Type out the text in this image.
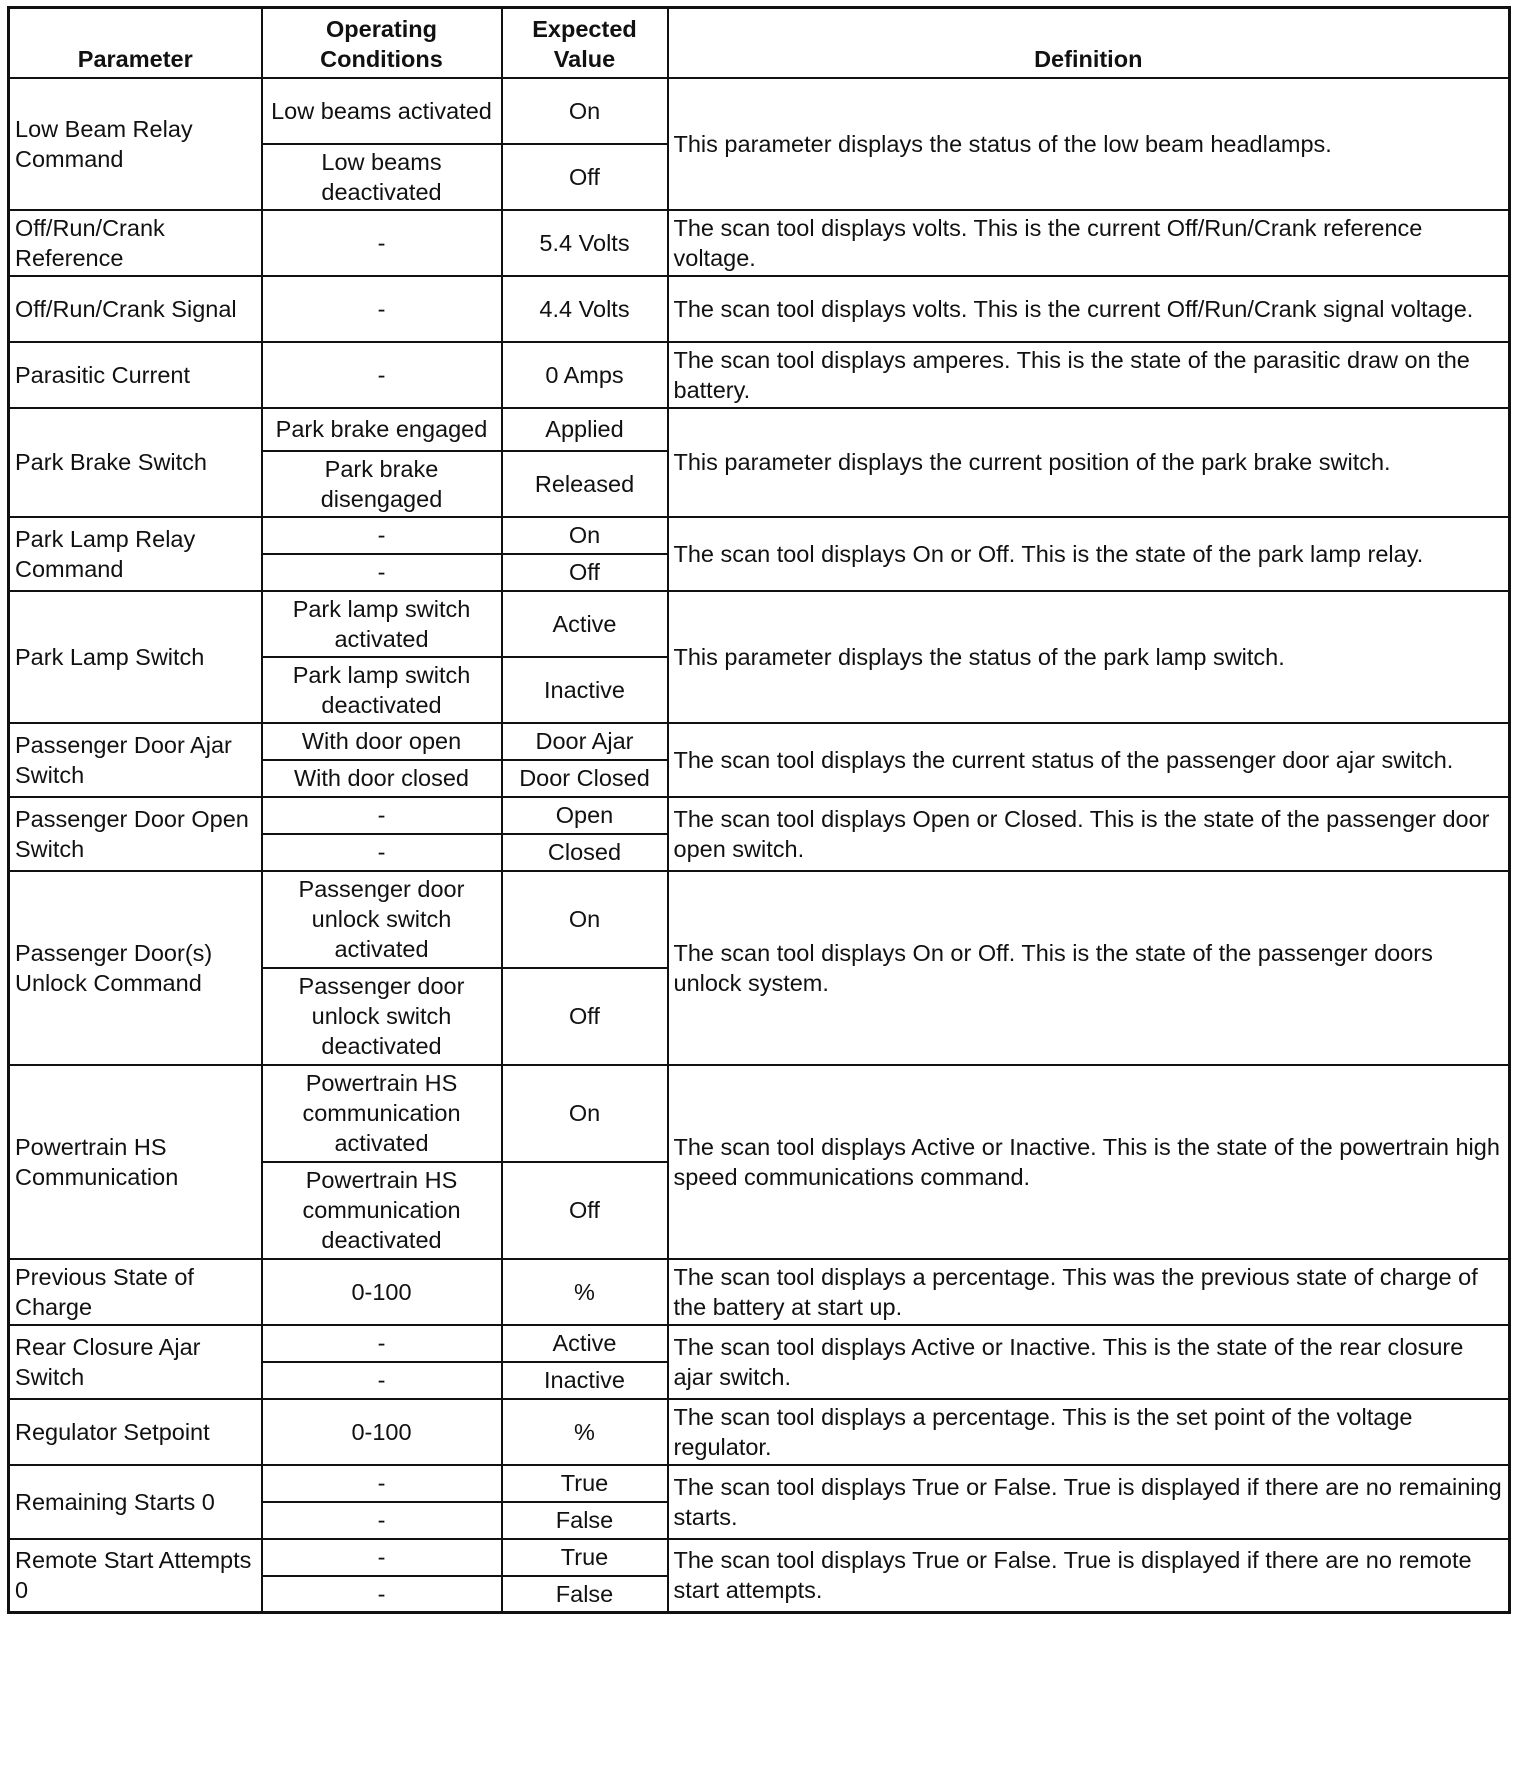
Parameter	Operating Conditions	Expected Value	Definition
Low Beam Relay Command	Low beams activated	On	This parameter displays the status of the low beam headlamps.
	Low beams deactivated	Off	
Off/Run/Crank Reference	-	5.4 Volts	The scan tool displays volts. This is the current Off/Run/Crank reference voltage.
Off/Run/Crank Signal	-	4.4 Volts	The scan tool displays volts. This is the current Off/Run/Crank signal voltage.
Parasitic Current	-	0 Amps	The scan tool displays amperes. This is the state of the parasitic draw on the battery.
Park Brake Switch	Park brake engaged	Applied	This parameter displays the current position of the park brake switch.
	Park brake disengaged	Released	
Park Lamp Relay Command	-	On	The scan tool displays On or Off. This is the state of the park lamp relay.
	-	Off	
Park Lamp Switch	Park lamp switch activated	Active	This parameter displays the status of the park lamp switch.
	Park lamp switch deactivated	Inactive	
Passenger Door Ajar Switch	With door open	Door Ajar	The scan tool displays the current status of the passenger door ajar switch.
	With door closed	Door Closed	
Passenger Door Open Switch	-	Open	The scan tool displays Open or Closed. This is the state of the passenger door open switch.
	-	Closed	
Passenger Door(s) Unlock Command	Passenger door unlock switch activated	On	The scan tool displays On or Off. This is the state of the passenger doors unlock system.
	Passenger door unlock switch deactivated	Off	
Powertrain HS Communication	Powertrain HS communication activated	On	The scan tool displays Active or Inactive. This is the state of the powertrain high speed communications command.
	Powertrain HS communication deactivated	Off	
Previous State of Charge	0-100	%	The scan tool displays a percentage. This was the previous state of charge of the battery at start up.
Rear Closure Ajar Switch	-	Active	The scan tool displays Active or Inactive. This is the state of the rear closure ajar switch.
	-	Inactive	
Regulator Setpoint	0-100	%	The scan tool displays a percentage. This is the set point of the voltage regulator.
Remaining Starts 0	-	True	The scan tool displays True or False. True is displayed if there are no remaining starts.
	-	False	
Remote Start Attempts 0	-	True	The scan tool displays True or False. True is displayed if there are no remote start attempts.
	-	False	
